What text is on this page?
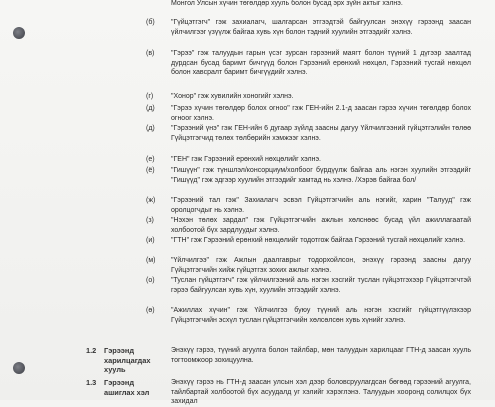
Монгол Улсын хүчин төгөлдөр хууль болон бусад эрх зүйн актыг хэлнэ.

(б)	"Гүйцэтгэгч" гэж захиалагч, шалгарсан этгээдтэй байгуулсан энэхүү гэрээнд заасан үйлчилгээг үзүүлж байгаа хувь хүн болон тэдний хуулийн этгээдийг хэлнэ.

(в)	"Гэрээ" гэж талуудын гарын үсэг зурсан гэрээний маягт болон түүний 1 дүгээр заалтад дурдсан бусад баримт бичгүүд болон Гэрээний ерөнхий нөхцөл, Гэрээний тусгай нөхцөл болон хавсралт баримт бичгүүдийг хэлнэ.

(г)	"Хонор" гэж хувилийн хоногийг хэлнэ.

(д)	"Гэрээ хүчин төгөлдөр болох огноо" гэж ГЕН-ийн 2.1-д заасан гэрээ хүчин төгөлдөр болох огноог хэлнэ.

(д)	"Гэрээний үнэ" гэж ГЕН-ийн 6 дугаар зүйлд заасны дагуу Үйлчилгээний гүйцэтгэлийн төлөө Гүйцэтгэгчид төлөх төлбөрийн хэмжээг хэлнэ.

(е)	"ГЕН" гэж Гэрээний ерөнхий нөхцөлийг хэлнэ.

(ё)	"Гишүүн" гэж түншлэл/консорциум/холбоог бүрдүүлж байгаа аль нэгэн хуулийн этгээдийг "Гишүүд" гэж эдгээр хуулийн этгээдийг хамтад нь хэлнэ. /Хэрэв байгаа бол/

(ж)	"Гэрээний тал гэж" Захиалагч эсвэл Гүйцэтгэгчийн аль нэгийг, харин "Талууд" гэж оролцогчдыг нь хэлнэ.

(з)	"Нэхэн төлөх зардал" гэж Гүйцэтгэгчийн ажлын хөлснөөс бусад үйл ажиллагаатай холбоотой бүх зардлуудыг хэлнэ.

(и)	"ГТН" гэж Гэрээний ерөнхий нөхцөлийг тодотгож байгаа Гэрээний тусгай нөхцөлийг хэлнэ.

(м)	"Үйлчилгээ" гэж Ажлын даалгаврыг тодорхойлсон, энэхүү гэрээнд заасны дагуу Гүйцэтгэгчийн хийж гүйцэтгэх зохих ажлыг хэлнэ.

(о)	"Туслан гүйцэтгэгч" гэж үйлчилгээний аль нэгэн хэсгийг туслан гүйцэтгэхээр Гүйцэтгэгчтэй гэрээ байгуулсан хувь хүн, хуулийн этгээдийг хэлнэ.

(ө)	"Ажиллах хүчин" гэж Үйлчилгээ буюу түүний аль нэгэн хэсгийг гүйцэтгүүлэхээр Гүйцэтгэгчийн эсхүл туслан гүйцэтгэгчийн хөлсөлсөн хувь хүнийг хэлнэ.

1.2 Гэрээнд харилцагдах хууль
Энэхүү гэрээ, түүний агуулга болон тайлбар, мөн талуудын харилцааг ГТН-д заасан хууль тогтоомжоор зохицуулна.
1.3 Гэрээнд ашиглах хэл
Энэхүү гэрээ нь ГТН-д заасан улсын хэл дээр боловсруулагдсан бөгөөд гэрээний агуулга, тайлбартай холбоотой бүх асуудалд уг хэлийг хэрэглэнэ. Талуудын хооронд солилцох бүх захидал
